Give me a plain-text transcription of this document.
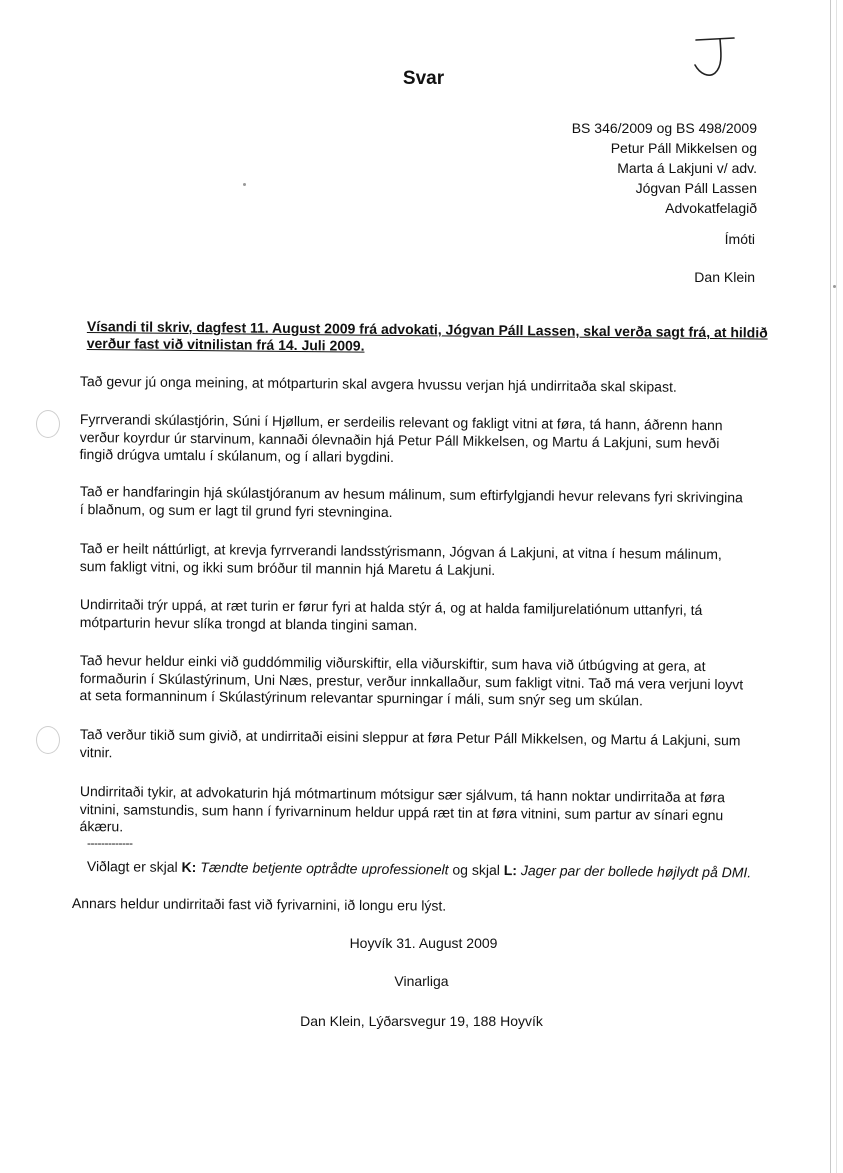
Svar
BS 346/2009 og BS 498/2009
Petur Páll Mikkelsen og
Marta á Lakjuni v/ adv.
Jógvan Páll Lassen
Advokatfelagið
Ímóti
Dan Klein
Vísandi til skriv, dagfest 11. August 2009 frá advokati, Jógvan Páll Lassen, skal verða sagt frá, at hildið
verður fast við vitnilistan frá 14. Juli 2009.
Tað gevur jú onga meining, at mótparturin skal avgera hvussu verjan hjá undirritaða skal skipast.
Fyrrverandi skúlastjórin, Súni í Hjøllum, er serdeilis relevant og fakligt vitni at føra, tá hann, áðrenn hann verður koyrdur úr starvinum, kannaði ólevnaðin hjá Petur Páll Mikkelsen, og Martu á Lakjuni, sum hevði fingið drúgva umtalu í skúlanum, og í allari bygdini.
Tað er handfaringin hjá skúlastjóranum av hesum málinum, sum eftirfylgjandi hevur relevans fyri skrivingina í blaðnum, og sum er lagt til grund fyri stevningina.
Tað er heilt náttúrligt, at krevja fyrrverandi landsstýrismann, Jógvan á Lakjuni, at vitna í hesum málinum, sum fakligt vitni, og ikki sum bróður til mannin hjá Maretu á Lakjuni.
Undirritaði trýr uppá, at ræt turin er førur fyri at halda stýr á, og at halda familjurelatiónum uttanfyri, tá mótparturin hevur slíka trongd at blanda tingini saman.
Tað hevur heldur einki við guddómmilig viðurskiftir, ella viðurskiftir, sum hava við útbúgving at gera, at formaðurin í Skúlastýrinum, Uni Næs, prestur, verður innkallaður, sum fakligt vitni. Tað má vera verjuni loyvt at seta formanninum í Skúlastýrinum relevantar spurningar í máli, sum snýr seg um skúlan.
Tað verður tikið sum givið, at undirritaði eisini sleppur at føra Petur Páll Mikkelsen, og Martu á Lakjuni, sum vitnir.
Undirritaði tykir, at advokaturin hjá mótmartinum mótsigur sær sjálvum, tá hann noktar undirritaða at føra vitnini, samstundis, sum hann í fyrivarninum heldur uppá ræt tin at føra vitnini, sum partur av sínari egnu ákæru.
-------------
Viðlagt er skjal K: Tændte betjente optrådte uprofessionelt og skjal L: Jager par der bollede højlydt på DMI.
Annars heldur undirritaði fast við fyrivarnini, ið longu eru lýst.
Hoyvík 31. August 2009
Vinarliga
Dan Klein, Lýðarsvegur 19, 188 Hoyvík
